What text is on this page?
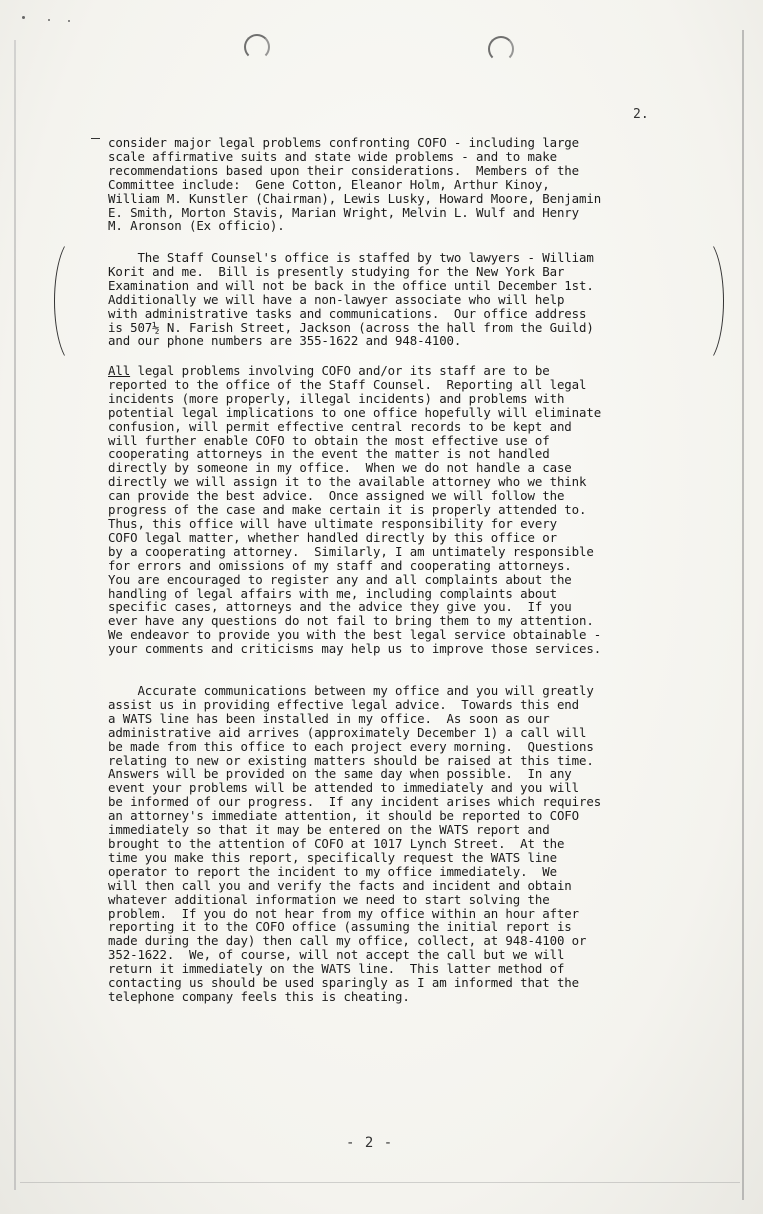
2.

consider major legal problems confronting COFO - including large
scale affirmative suits and state wide problems - and to make
recommendations based upon their considerations.  Members of the
Committee include:  Gene Cotton, Eleanor Holm, Arthur Kinoy,
William M. Kunstler (Chairman), Lewis Lusky, Howard Moore, Benjamin
E. Smith, Morton Stavis, Marian Wright, Melvin L. Wulf and Henry
M. Aronson (Ex officio).

The Staff Counsel's office is staffed by two lawyers - William
Korit and me.  Bill is presently studying for the New York Bar
Examination and will not be back in the office until December 1st.
Additionally we will have a non-lawyer associate who will help
with administrative tasks and communications.  Our office address
is 507½ N. Farish Street, Jackson (across the hall from the Guild)
and our phone numbers are 355-1622 and 948-4100.

All legal problems involving COFO and/or its staff are to be
reported to the office of the Staff Counsel.  Reporting all legal
incidents (more properly, illegal incidents) and problems with
potential legal implications to one office hopefully will eliminate
confusion, will permit effective central records to be kept and
will further enable COFO to obtain the most effective use of
cooperating attorneys in the event the matter is not handled
directly by someone in my office.  When we do not handle a case
directly we will assign it to the available attorney who we think
can provide the best advice.  Once assigned we will follow the
progress of the case and make certain it is properly attended to.
Thus, this office will have ultimate responsibility for every
COFO legal matter, whether handled directly by this office or
by a cooperating attorney.  Similarly, I am untimately responsible
for errors and omissions of my staff and cooperating attorneys.
You are encouraged to register any and all complaints about the
handling of legal affairs with me, including complaints about
specific cases, attorneys and the advice they give you.  If you
ever have any questions do not fail to bring them to my attention.
We endeavor to provide you with the best legal service obtainable -
your comments and criticisms may help us to improve those services.

Accurate communications between my office and you will greatly
assist us in providing effective legal advice.  Towards this end
a WATS line has been installed in my office.  As soon as our
administrative aid arrives (approximately December 1) a call will
be made from this office to each project every morning.  Questions
relating to new or existing matters should be raised at this time.
Answers will be provided on the same day when possible.  In any
event your problems will be attended to immediately and you will
be informed of our progress.  If any incident arises which requires
an attorney's immediate attention, it should be reported to COFO
immediately so that it may be entered on the WATS report and
brought to the attention of COFO at 1017 Lynch Street.  At the
time you make this report, specifically request the WATS line
operator to report the incident to my office immediately.  We
will then call you and verify the facts and incident and obtain
whatever additional information we need to start solving the
problem.  If you do not hear from my office within an hour after
reporting it to the COFO office (assuming the initial report is
made during the day) then call my office, collect, at 948-4100 or
352-1622.  We, of course, will not accept the call but we will
return it immediately on the WATS line.  This latter method of
contacting us should be used sparingly as I am informed that the
telephone company feels this is cheating.

- 2 -
